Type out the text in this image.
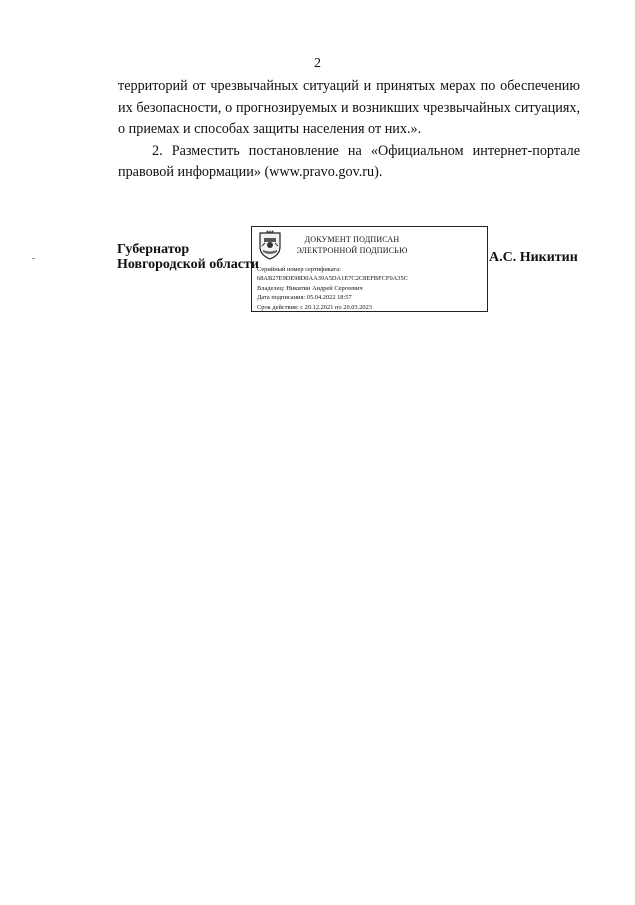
2

территорий от чрезвычайных ситуаций и принятых мерах по обеспечению их безопасности, о прогнозируемых и возникших чрезвычайных ситуациях, о приемах и способах защиты населения от них.».

2. Разместить постановление на «Официальном интернет-портале правовой информации» (www.pravo.gov.ru).

Губернатор
Новгородской области
ДОКУМЕНТ ПОДПИСАН
ЭЛЕКТРОННОЙ ПОДПИСЬЮ
Серийный номер сертификата:
68AB27E9DE98D0AA39A5DA1E7C2C8EFBFCF0A35C
Владелец: Никитин Андрей Сергеевич
Дата подписания: 05.04.2022 18:57
Срок действия: с 20.12.2021 по 20.03.2023
А.С. Никитин
